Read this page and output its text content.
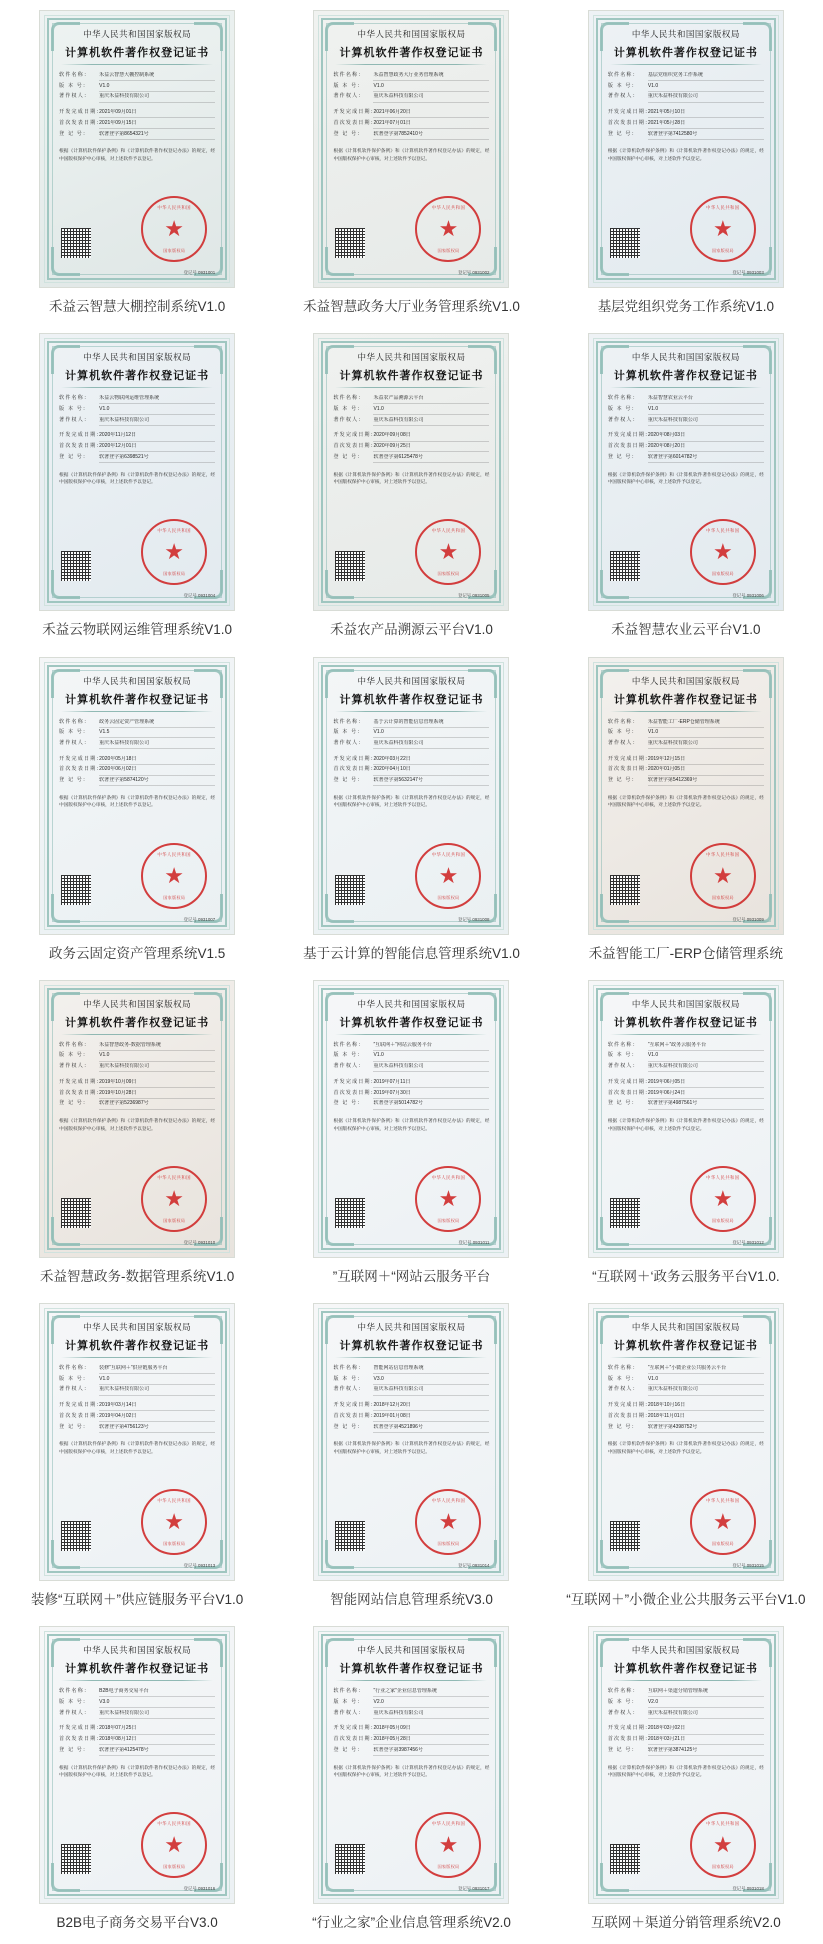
中华人民共和国国家版权局
计算机软件著作权登记证书
软件名称：	禾益云智慧大棚控制系统
版 本 号：	V1.0
著作权人：	重庆禾益科技有限公司
开发完成日期：
2021年09月01日
首次发表日期：
2021年09月15日
登 记 号：	软著登字第8654321号
根据《计算机软件保护条例》和《计算机软件著作权登记办法》的规定，经中国版权保护中心审核，对上述软件予以登记。
中华人民共和国
★
国家版权局
登记号 0931001
禾益云智慧大棚控制系统V1.0
中华人民共和国国家版权局
计算机软件著作权登记证书
软件名称：	禾益智慧政务大厅业务管理系统
版 本 号：	V1.0
著作权人：	重庆禾益科技有限公司
开发完成日期：
2021年06月20日
首次发表日期：
2021年07月01日
登 记 号：	软著登字第7852410号
根据《计算机软件保护条例》和《计算机软件著作权登记办法》的规定，经中国版权保护中心审核，对上述软件予以登记。
中华人民共和国
★
国家版权局
登记号 0931002
禾益智慧政务大厅业务管理系统V1.0
中华人民共和国国家版权局
计算机软件著作权登记证书
软件名称：	基层党组织党务工作系统
版 本 号：	V1.0
著作权人：	重庆禾益科技有限公司
开发完成日期：
2021年05月10日
首次发表日期：
2021年05月28日
登 记 号：	软著登字第7412580号
根据《计算机软件保护条例》和《计算机软件著作权登记办法》的规定，经中国版权保护中心审核，对上述软件予以登记。
中华人民共和国
★
国家版权局
登记号 0931003
基层党组织党务工作系统V1.0
中华人民共和国国家版权局
计算机软件著作权登记证书
软件名称：	禾益云物联网运维管理系统
版 本 号：	V1.0
著作权人：	重庆禾益科技有限公司
开发完成日期：
2020年11月12日
首次发表日期：
2020年12月01日
登 记 号：	软著登字第6398521号
根据《计算机软件保护条例》和《计算机软件著作权登记办法》的规定，经中国版权保护中心审核，对上述软件予以登记。
中华人民共和国
★
国家版权局
登记号 0931004
禾益云物联网运维管理系统V1.0
中华人民共和国国家版权局
计算机软件著作权登记证书
软件名称：	禾益农产品溯源云平台
版 本 号：	V1.0
著作权人：	重庆禾益科技有限公司
开发完成日期：
2020年09月08日
首次发表日期：
2020年09月25日
登 记 号：	软著登字第6125478号
根据《计算机软件保护条例》和《计算机软件著作权登记办法》的规定，经中国版权保护中心审核，对上述软件予以登记。
中华人民共和国
★
国家版权局
登记号 0931005
禾益农产品溯源云平台V1.0
中华人民共和国国家版权局
计算机软件著作权登记证书
软件名称：	禾益智慧农业云平台
版 本 号：	V1.0
著作权人：	重庆禾益科技有限公司
开发完成日期：
2020年08月03日
首次发表日期：
2020年08月20日
登 记 号：	软著登字第6014782号
根据《计算机软件保护条例》和《计算机软件著作权登记办法》的规定，经中国版权保护中心审核，对上述软件予以登记。
中华人民共和国
★
国家版权局
登记号 0931006
禾益智慧农业云平台V1.0
中华人民共和国国家版权局
计算机软件著作权登记证书
软件名称：	政务云固定资产管理系统
版 本 号：	V1.5
著作权人：	重庆禾益科技有限公司
开发完成日期：
2020年05月18日
首次发表日期：
2020年06月02日
登 记 号：	软著登字第5874120号
根据《计算机软件保护条例》和《计算机软件著作权登记办法》的规定，经中国版权保护中心审核，对上述软件予以登记。
中华人民共和国
★
国家版权局
登记号 0931007
政务云固定资产管理系统V1.5
中华人民共和国国家版权局
计算机软件著作权登记证书
软件名称：	基于云计算的智能信息管理系统
版 本 号：	V1.0
著作权人：	重庆禾益科技有限公司
开发完成日期：
2020年03月22日
首次发表日期：
2020年04月10日
登 记 号：	软著登字第5632147号
根据《计算机软件保护条例》和《计算机软件著作权登记办法》的规定，经中国版权保护中心审核，对上述软件予以登记。
中华人民共和国
★
国家版权局
登记号 0931008
基于云计算的智能信息管理系统V1.0
中华人民共和国国家版权局
计算机软件著作权登记证书
软件名称：	禾益智能工厂-ERP仓储管理系统
版 本 号：	V1.0
著作权人：	重庆禾益科技有限公司
开发完成日期：
2019年12月15日
首次发表日期：
2020年01月05日
登 记 号：	软著登字第5412369号
根据《计算机软件保护条例》和《计算机软件著作权登记办法》的规定，经中国版权保护中心审核，对上述软件予以登记。
中华人民共和国
★
国家版权局
登记号 0931009
禾益智能工厂-ERP仓储管理系统
中华人民共和国国家版权局
计算机软件著作权登记证书
软件名称：	禾益智慧政务-数据管理系统
版 本 号：	V1.0
著作权人：	重庆禾益科技有限公司
开发完成日期：
2019年10月09日
首次发表日期：
2019年10月28日
登 记 号：	软著登字第5236987号
根据《计算机软件保护条例》和《计算机软件著作权登记办法》的规定，经中国版权保护中心审核，对上述软件予以登记。
中华人民共和国
★
国家版权局
登记号 0931010
禾益智慧政务-数据管理系统V1.0
中华人民共和国国家版权局
计算机软件著作权登记证书
软件名称：	”互联网＋“网站云服务平台
版 本 号：	V1.0
著作权人：	重庆禾益科技有限公司
开发完成日期：
2019年07月11日
首次发表日期：
2019年07月30日
登 记 号：	软著登字第5014782号
根据《计算机软件保护条例》和《计算机软件著作权登记办法》的规定，经中国版权保护中心审核，对上述软件予以登记。
中华人民共和国
★
国家版权局
登记号 0931011
”互联网＋“网站云服务平台
中华人民共和国国家版权局
计算机软件著作权登记证书
软件名称：	“互联网＋”政务云服务平台
版 本 号：	V1.0
著作权人：	重庆禾益科技有限公司
开发完成日期：
2019年06月05日
首次发表日期：
2019年06月24日
登 记 号：	软著登字第4987561号
根据《计算机软件保护条例》和《计算机软件著作权登记办法》的规定，经中国版权保护中心审核，对上述软件予以登记。
中华人民共和国
★
国家版权局
登记号 0931012
“互联网＋‘政务云服务平台V1.0.
中华人民共和国国家版权局
计算机软件著作权登记证书
软件名称：	装修“互联网＋”供应链服务平台
版 本 号：	V1.0
著作权人：	重庆禾益科技有限公司
开发完成日期：
2019年03月14日
首次发表日期：
2019年04月02日
登 记 号：	软著登字第4756123号
根据《计算机软件保护条例》和《计算机软件著作权登记办法》的规定，经中国版权保护中心审核，对上述软件予以登记。
中华人民共和国
★
国家版权局
登记号 0931013
装修“互联网＋”供应链服务平台V1.0
中华人民共和国国家版权局
计算机软件著作权登记证书
软件名称：	智能网站信息管理系统
版 本 号：	V3.0
著作权人：	重庆禾益科技有限公司
开发完成日期：
2018年12月20日
首次发表日期：
2019年01月08日
登 记 号：	软著登字第4521896号
根据《计算机软件保护条例》和《计算机软件著作权登记办法》的规定，经中国版权保护中心审核，对上述软件予以登记。
中华人民共和国
★
国家版权局
登记号 0931014
智能网站信息管理系统V3.0
中华人民共和国国家版权局
计算机软件著作权登记证书
软件名称：	“互联网＋”小微企业公共服务云平台
版 本 号：	V1.0
著作权人：	重庆禾益科技有限公司
开发完成日期：
2018年10月16日
首次发表日期：
2018年11月01日
登 记 号：	软著登字第4398752号
根据《计算机软件保护条例》和《计算机软件著作权登记办法》的规定，经中国版权保护中心审核，对上述软件予以登记。
中华人民共和国
★
国家版权局
登记号 0931015
“互联网＋”小微企业公共服务云平台V1.0
中华人民共和国国家版权局
计算机软件著作权登记证书
软件名称：	B2B电子商务交易平台
版 本 号：	V3.0
著作权人：	重庆禾益科技有限公司
开发完成日期：
2018年07月25日
首次发表日期：
2018年08月12日
登 记 号：	软著登字第4125478号
根据《计算机软件保护条例》和《计算机软件著作权登记办法》的规定，经中国版权保护中心审核，对上述软件予以登记。
中华人民共和国
★
国家版权局
登记号 0931016
B2B电子商务交易平台V3.0
中华人民共和国国家版权局
计算机软件著作权登记证书
软件名称：	“行业之家”企业信息管理系统
版 本 号：	V2.0
著作权人：	重庆禾益科技有限公司
开发完成日期：
2018年05月09日
首次发表日期：
2018年05月28日
登 记 号：	软著登字第3987456号
根据《计算机软件保护条例》和《计算机软件著作权登记办法》的规定，经中国版权保护中心审核，对上述软件予以登记。
中华人民共和国
★
国家版权局
登记号 0931017
“行业之家”企业信息管理系统V2.0
中华人民共和国国家版权局
计算机软件著作权登记证书
软件名称：	互联网＋渠道分销管理系统
版 本 号：	V2.0
著作权人：	重庆禾益科技有限公司
开发完成日期：
2018年03月02日
首次发表日期：
2018年03月21日
登 记 号：	软著登字第3874125号
根据《计算机软件保护条例》和《计算机软件著作权登记办法》的规定，经中国版权保护中心审核，对上述软件予以登记。
中华人民共和国
★
国家版权局
登记号 0931018
互联网＋渠道分销管理系统V2.0
